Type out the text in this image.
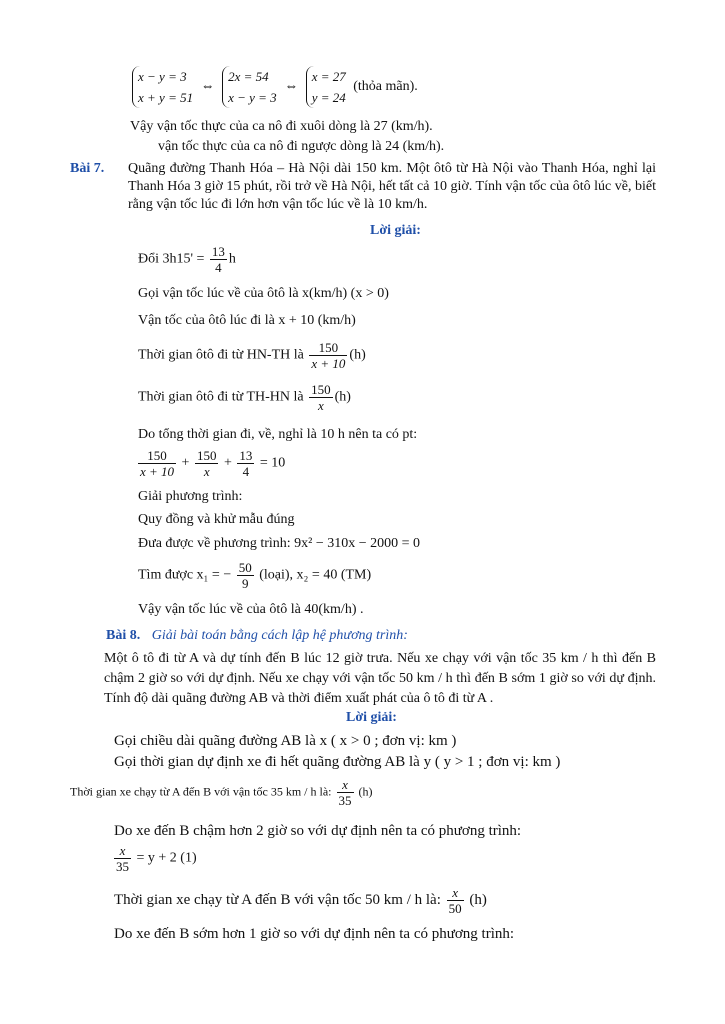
x − y = 3
x + y = 51
⇔
2x = 54
x − y = 3
⇔
x = 27
y = 24
(thỏa mãn).
Vậy vận tốc thực của ca nô đi xuôi dòng là 27 (km/h).
vận tốc thực của ca nô đi ngược dòng là 24 (km/h).
Bài 7. Quãng đường Thanh Hóa – Hà Nội dài 150 km. Một ôtô từ Hà Nội vào Thanh Hóa, nghỉ lại Thanh Hóa 3 giờ 15 phút, rồi trở về Hà Nội, hết tất cả 10 giờ. Tính vận tốc của ôtô lúc về, biết rằng vận tốc lúc đi lớn hơn vận tốc lúc về là 10 km/h.
Lời giải:
Đổi $3h15' = \frac{13}{4}$ h
Gọi vận tốc lúc về của ôtô là x(km/h) (x > 0)
Vận tốc của ôtô lúc đi là x + 10 (km/h)
Thời gian ôtô đi từ HN-TH là $\frac{150}{x + 10} (h)$
Thời gian ôtô đi từ TH-HN là $\frac{150}{x} (h)$
Do tổng thời gian đi, về, nghỉ là 10 h nên ta có pt:
$\frac{150}{x + 10} + \frac{150}{x} + \frac{13}{4} = 10$
Giải phương trình:
Quy đồng và khử mẫu đúng
Đưa được về phương trình: 9x² − 310x − 2000 = 0
Tìm được x₁ = − $\frac{50}{9}$ (loại), x₂ = 40 (TM)
Vậy vận tốc lúc về của ôtô là 40(km/h) .
Bài 8. Giải bài toán bằng cách lập hệ phương trình:
Một ô tô đi từ A và dự tính đến B lúc 12 giờ trưa. Nếu xe chạy với vận tốc 35 km / h thì đến B chậm 2 giờ so với dự định. Nếu xe chạy với vận tốc 50 km / h thì đến B sớm 1 giờ so với dự định. Tính độ dài quãng đường AB và thời điểm xuất phát của ô tô đi từ A .
Lời giải:
Gọi chiều dài quãng đường AB là x ( x > 0 ; đơn vị: km )
Gọi thời gian dự định xe đi hết quãng đường AB là y ( y > 1 ; đơn vị: km )
Thời gian xe chạy từ A đến B với vận tốc 35 km / h là: $\frac{x}{35} (h)$
Do xe đến B chậm hơn 2 giờ so với dự định nên ta có phương trình:
$\frac{x}{35} = y + 2$ (1)
Thời gian xe chạy từ A đến B với vận tốc 50 km / h là: $\frac{x}{50} (h)$
Do xe đến B sớm hơn 1 giờ so với dự định nên ta có phương trình:
